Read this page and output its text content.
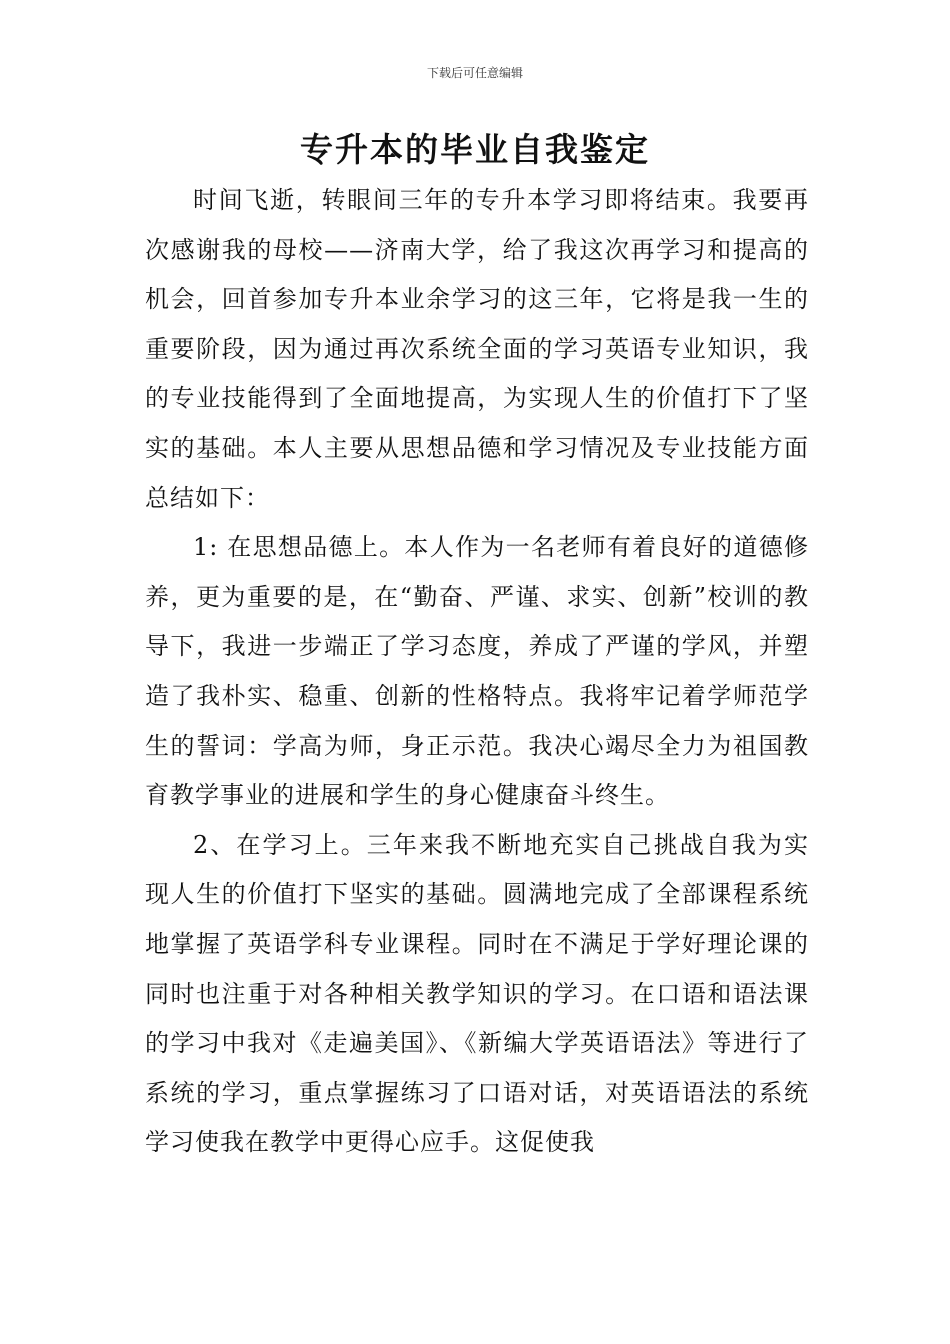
下载后可任意编辑
专升本的毕业自我鉴定

时间飞逝，转眼间三年的专升本学习即将结束。我要再次感谢我的母校——济南大学，给了我这次再学习和提高的机会，回首参加专升本业余学习的这三年，它将是我一生的重要阶段，因为通过再次系统全面的学习英语专业知识，我的专业技能得到了全面地提高，为实现人生的价值打下了坚实的基础。本人主要从思想品德和学习情况及专业技能方面总结如下：

1: 在思想品德上。本人作为一名老师有着良好的道德修养，更为重要的是，在“勤奋、严谨、求实、创新”校训的教导下，我进一步端正了学习态度，养成了严谨的学风，并塑造了我朴实、稳重、创新的性格特点。我将牢记着学师范学生的誓词：学高为师，身正示范。我决心竭尽全力为祖国教育教学事业的进展和学生的身心健康奋斗终生。

2、在学习上。三年来我不断地充实自己挑战自我为实现人生的价值打下坚实的基础。圆满地完成了全部课程系统地掌握了英语学科专业课程。同时在不满足于学好理论课的同时也注重于对各种相关教学知识的学习。在口语和语法课的学习中我对《走遍美国》、《新编大学英语语法》等进行了系统的学习，重点掌握练习了口语对话，对英语语法的系统学习使我在教学中更得心应手。这促使我
